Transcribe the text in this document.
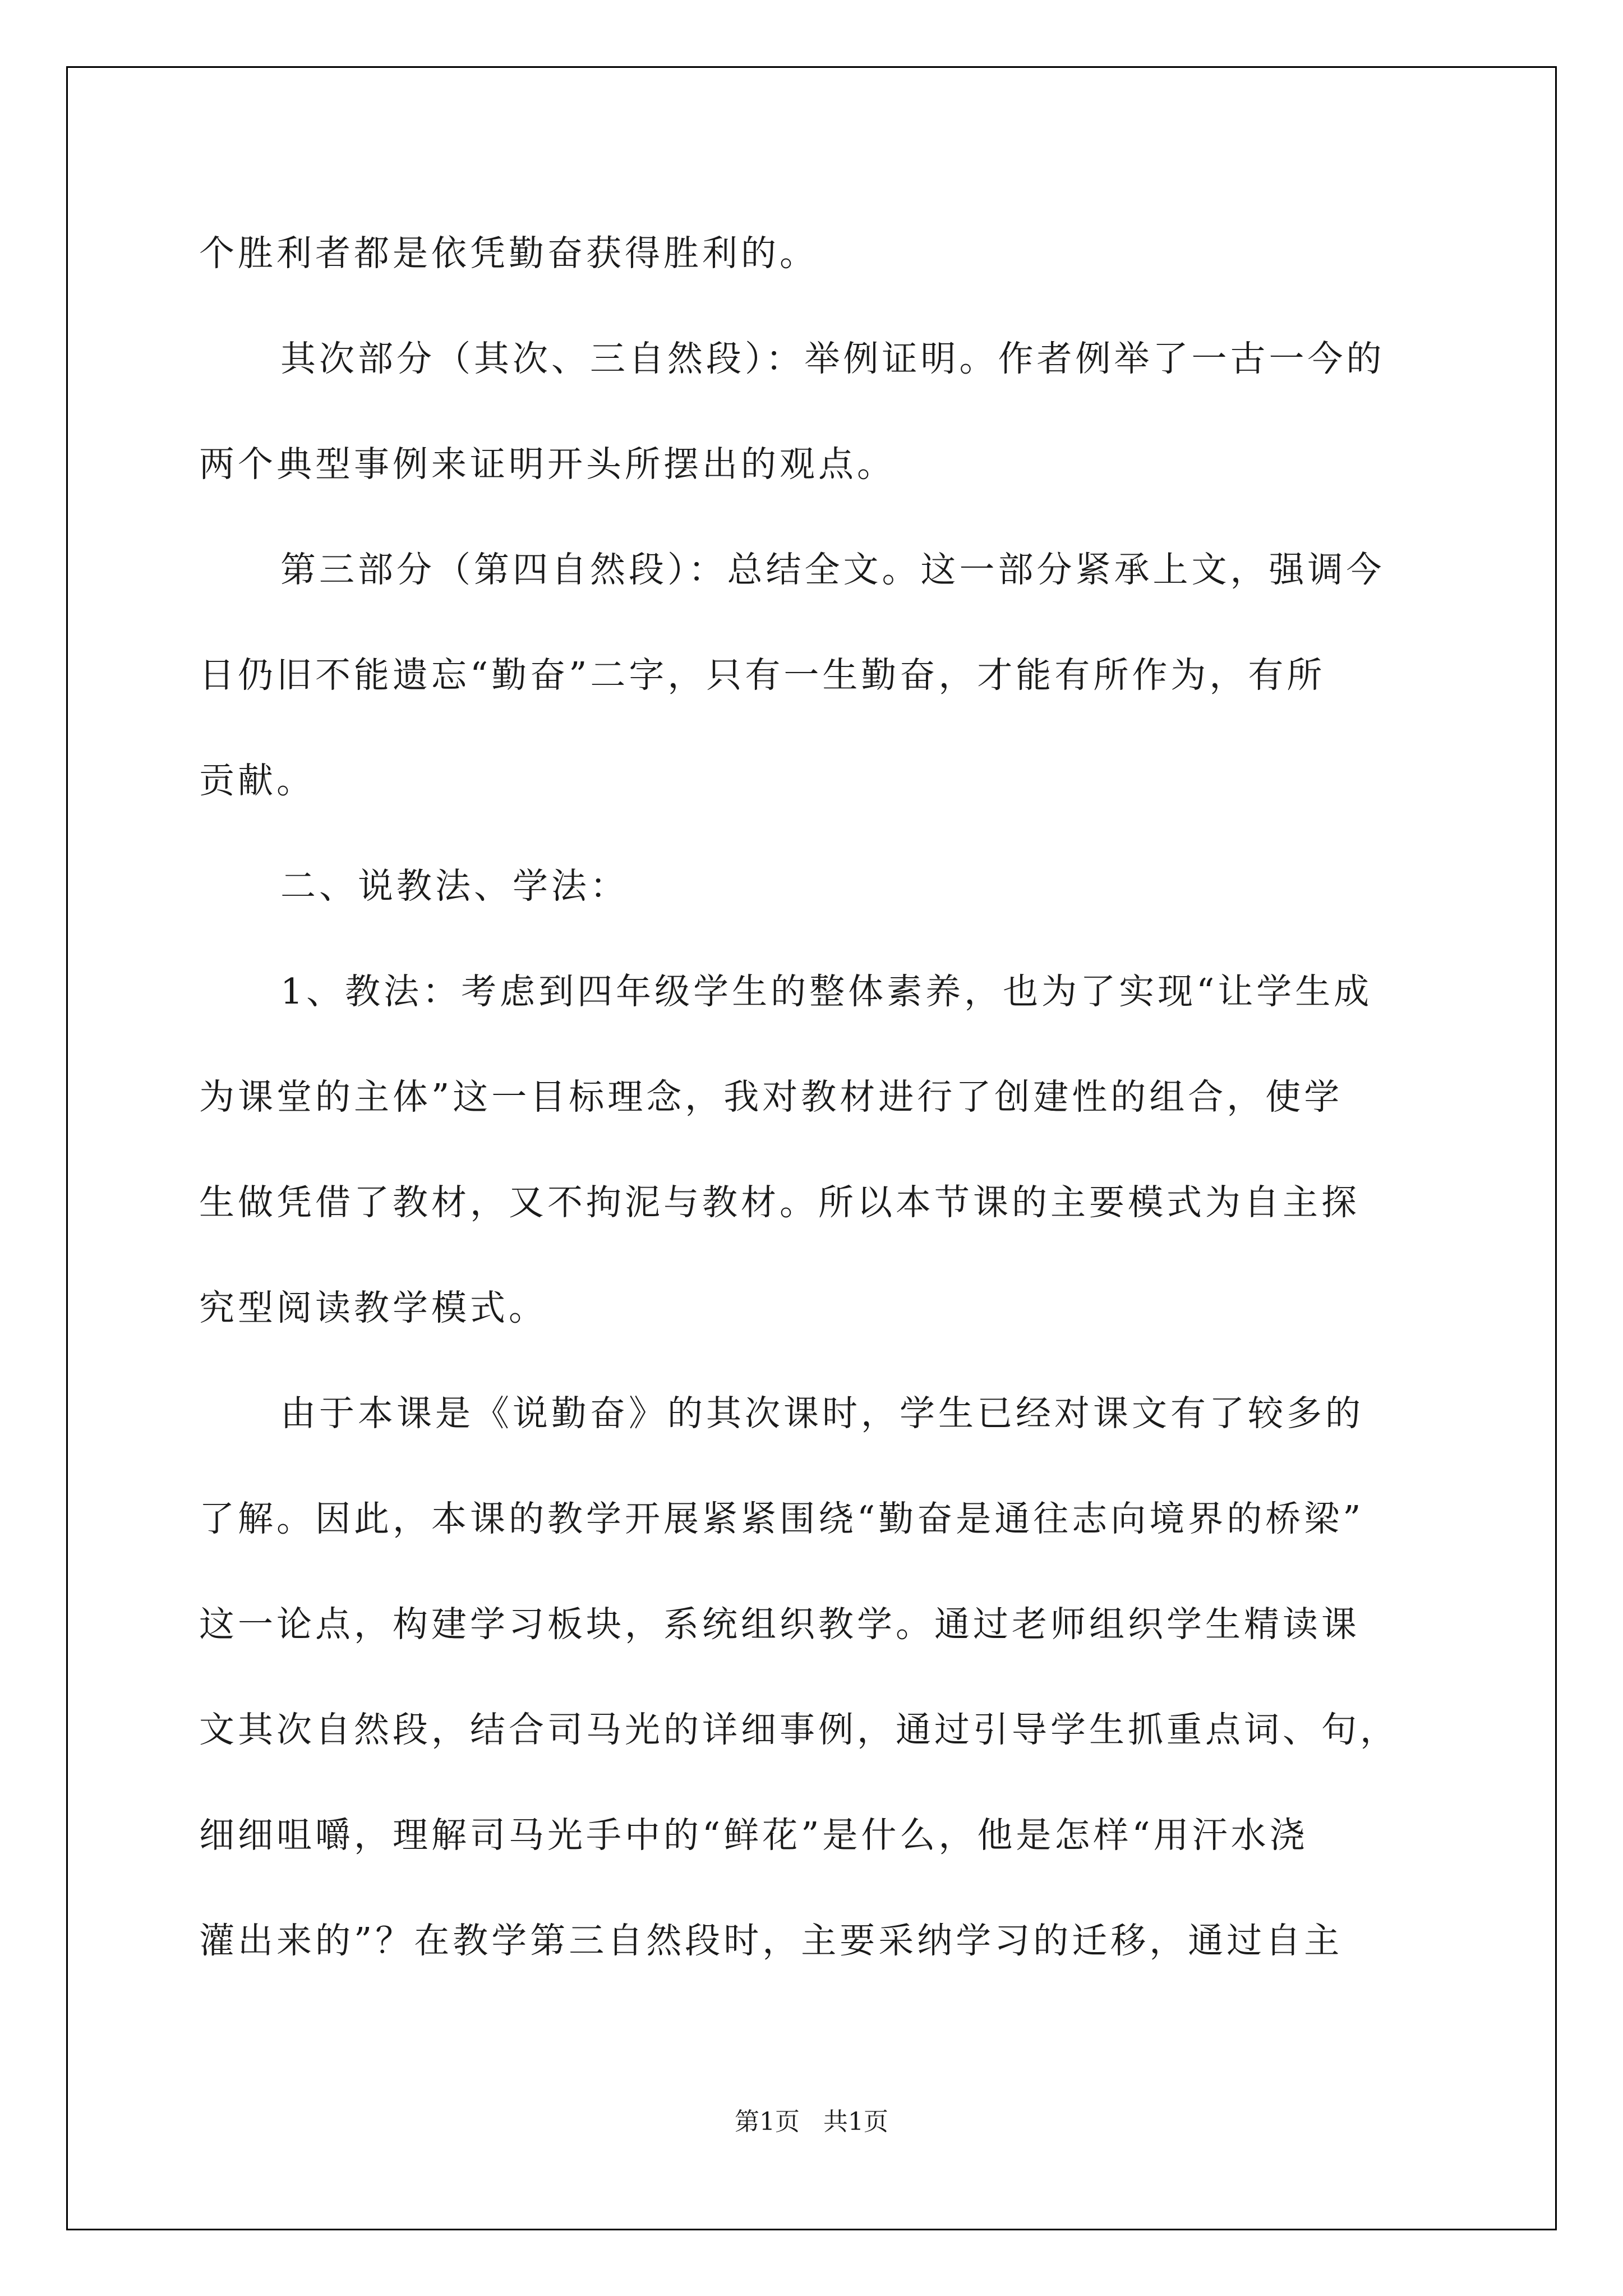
个胜利者都是依凭勤奋获得胜利的。
其次部分（其次、三自然段）：举例证明。作者例举了一古一今的
两个典型事例来证明开头所摆出的观点。
第三部分（第四自然段）：总结全文。这一部分紧承上文，强调今
日仍旧不能遗忘“勤奋”二字，只有一生勤奋，才能有所作为，有所
贡献。
二、说教法、学法：
1、教法：考虑到四年级学生的整体素养，也为了实现“让学生成
为课堂的主体”这一目标理念，我对教材进行了创建性的组合，使学
生做凭借了教材，又不拘泥与教材。所以本节课的主要模式为自主探
究型阅读教学模式。
由于本课是《说勤奋》的其次课时，学生已经对课文有了较多的
了解。因此，本课的教学开展紧紧围绕“勤奋是通往志向境界的桥梁”
这一论点，构建学习板块，系统组织教学。通过老师组织学生精读课
文其次自然段，结合司马光的详细事例，通过引导学生抓重点词、句，
细细咀嚼，理解司马光手中的“鲜花”是什么，他是怎样“用汗水浇
灌出来的”？在教学第三自然段时，主要采纳学习的迁移，通过自主
第1页   共1页
